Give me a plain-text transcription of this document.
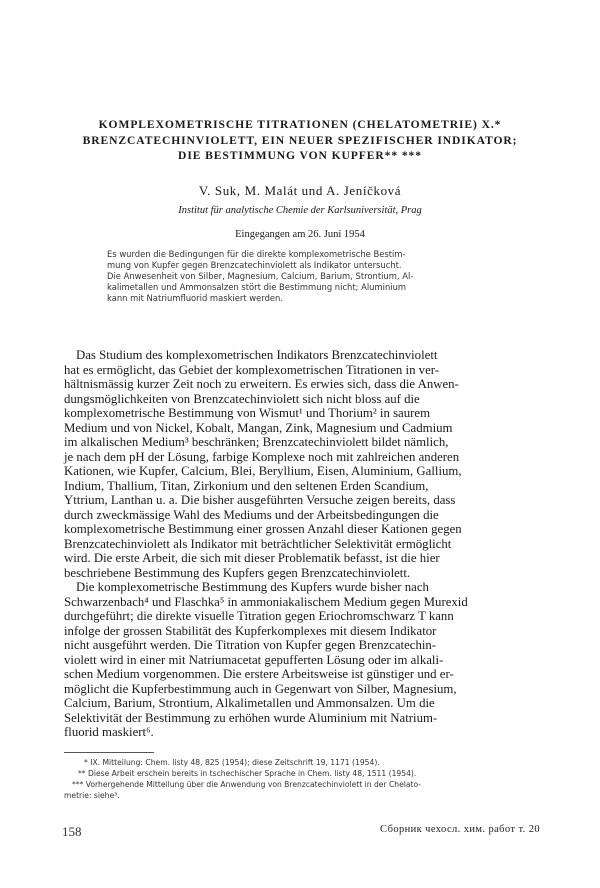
KOMPLEXOMETRISCHE TITRATIONEN (CHELATOMETRIE) X.*
BRENZCATECHINVIOLETT, EIN NEUER SPEZIFISCHER INDIKATOR;
DIE BESTIMMUNG VON KUPFER** ***
V. Suk, M. Malát und A. Jeníčková
Institut für analytische Chemie der Karlsuniversität, Prag
Eingegangen am 26. Juni 1954
Es wurden die Bedingungen für die direkte komplexometrische Bestim-
mung von Kupfer gegen Brenzcatechinviolett als Indikator untersucht.
Die Anwesenheit von Silber, Magnesium, Calcium, Barium, Strontium, Al-
kalimetallen und Ammonsalzen stört die Bestimmung nicht; Aluminium
kann mit Natriumfluorid maskiert werden.
Das Studium des komplexometrischen Indikators Brenzcatechinviolett
hat es ermöglicht, das Gebiet der komplexometrischen Titrationen in ver-
hältnismässig kurzer Zeit noch zu erweitern. Es erwies sich, dass die Anwen-
dungsmöglichkeiten von Brenzcatechinviolett sich nicht bloss auf die
komplexometrische Bestimmung von Wismut¹ und Thorium² in saurem
Medium und von Nickel, Kobalt, Mangan, Zink, Magnesium und Cadmium
im alkalischen Medium³ beschränken; Brenzcatechinviolett bildet nämlich,
je nach dem pH der Lösung, farbige Komplexe noch mit zahlreichen anderen
Kationen, wie Kupfer, Calcium, Blei, Beryllium, Eisen, Aluminium, Gallium,
Indium, Thallium, Titan, Zirkonium und den seltenen Erden Scandium,
Yttrium, Lanthan u. a. Die bisher ausgeführten Versuche zeigen bereits, dass
durch zweckmässige Wahl des Mediums und der Arbeitsbedingungen die
komplexometrische Bestimmung einer grossen Anzahl dieser Kationen gegen
Brenzcatechinviolett als Indikator mit beträchtlicher Selektivität ermöglicht
wird. Die erste Arbeit, die sich mit dieser Problematik befasst, ist die hier
beschriebene Bestimmung des Kupfers gegen Brenzcatechinviolett.
Die komplexometrische Bestimmung des Kupfers wurde bisher nach
Schwarzenbach⁴ und Flaschka⁵ in ammoniakalischem Medium gegen Murexid
durchgeführt; die direkte visuelle Titration gegen Eriochromschwarz T kann
infolge der grossen Stabilität des Kupferkomplexes mit diesem Indikator
nicht ausgeführt werden. Die Titration von Kupfer gegen Brenzcatechin-
violett wird in einer mit Natriumacetat gepufferten Lösung oder im alkali-
schen Medium vorgenommen. Die erstere Arbeitsweise ist günstiger und er-
möglicht die Kupferbestimmung auch in Gegenwart von Silber, Magnesium,
Calcium, Barium, Strontium, Alkalimetallen und Ammonsalzen. Um die
Selektivität der Bestimmung zu erhöhen wurde Aluminium mit Natrium-
fluorid maskiert⁶.
* IX. Mitteilung: Chem. listy 48, 825 (1954); diese Zeitschrift 19, 1171 (1954).
** Diese Arbeit erschein bereits in tschechischer Sprache in Chem. listy 48, 1511 (1954).
*** Vorhergehende Mitteilung über die Anwendung von Brenzcatechinviolett in der Chelato-
metrie: siehe³.
158	Сборник чехосл. хим. работ т. 20
